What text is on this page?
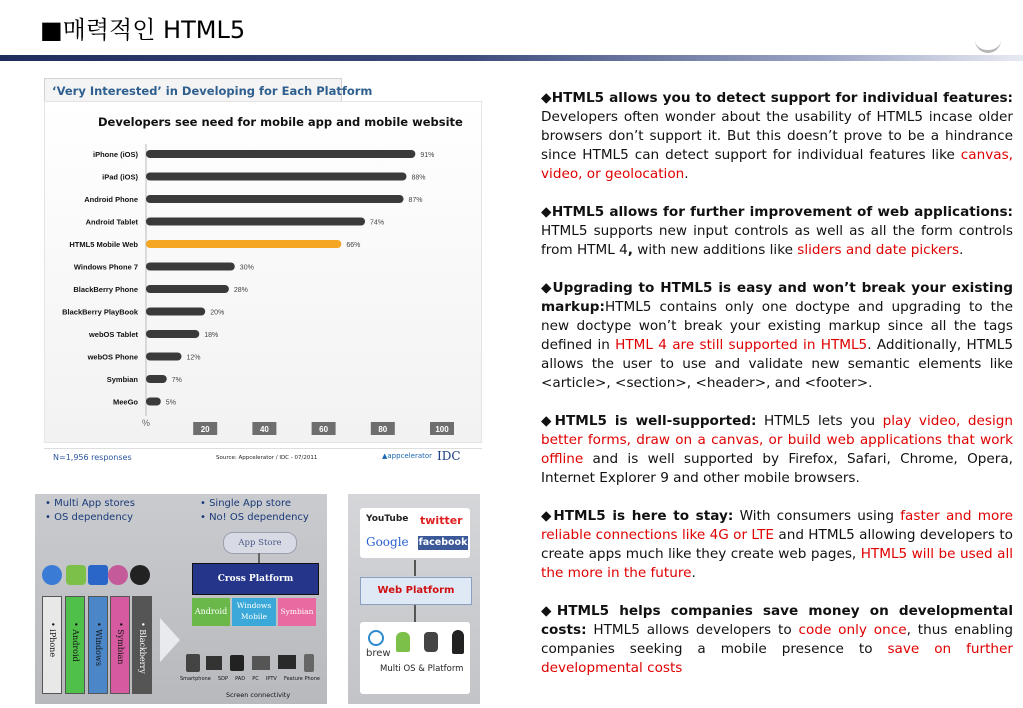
■매력적인 HTML5
‘Very Interested’ in Developing for Each Platform
Developers see need for mobile app and mobile website
iPhone (iOS)	91%
iPad (iOS)	88%
Android Phone	87%
Android Tablet	74%
HTML5 Mobile Web	66%
Windows Phone 7	30%
BlackBerry Phone	28%
BlackBerry PlayBook	20%
webOS Tablet	18%
webOS Phone	12%
Symbian	7%
MeeGo	5%
20	40	60	80	100
%
N=1,956 responses	Source: Appcelerator / IDC - 07/2011	▲appcelerator IDC
• Multi App stores
• OS dependency
• Single App store
• No! OS dependency
App Store
Cross Platform
Android
Windows Mobile
Symbian
• iPhone • Android • Windows • Symbian • Blackberry
Smartphone SDP PAD PC IPTV Feature Phone
Screen connectivity
YouTube twitter
Google facebook
Web Platform
brew
Multi OS & Platform

◆HTML5 allows you to detect support for individual features: Developers often wonder about the usability of HTML5 incase older browsers don’t support it. But this doesn’t prove to be a hindrance since HTML5 can detect support for individual features like canvas, video, or geolocation.

◆HTML5 allows for further improvement of web applications: HTML5 supports new input controls as well as all the form controls from HTML 4, with new additions like sliders and date pickers.

◆Upgrading to HTML5 is easy and won’t break your existing markup:HTML5 contains only one doctype and upgrading to the new doctype won’t break your existing markup since all the tags defined in HTML 4 are still supported in HTML5. Additionally, HTML5 allows the user to use and validate new semantic elements like <article>, <section>, <header>, and <footer>.

◆HTML5 is well-supported: HTML5 lets you play video, design better forms, draw on a canvas, or build web applications that work offline and is well supported by Firefox, Safari, Chrome, Opera, Internet Explorer 9 and other mobile browsers.

◆HTML5 is here to stay: With consumers using faster and more reliable connections like 4G or LTE and HTML5 allowing developers to create apps much like they create web pages, HTML5 will be used all the more in the future.

◆HTML5 helps companies save money on developmental costs: HTML5 allows developers to code only once, thus enabling companies seeking a mobile presence to save on further developmental costs
